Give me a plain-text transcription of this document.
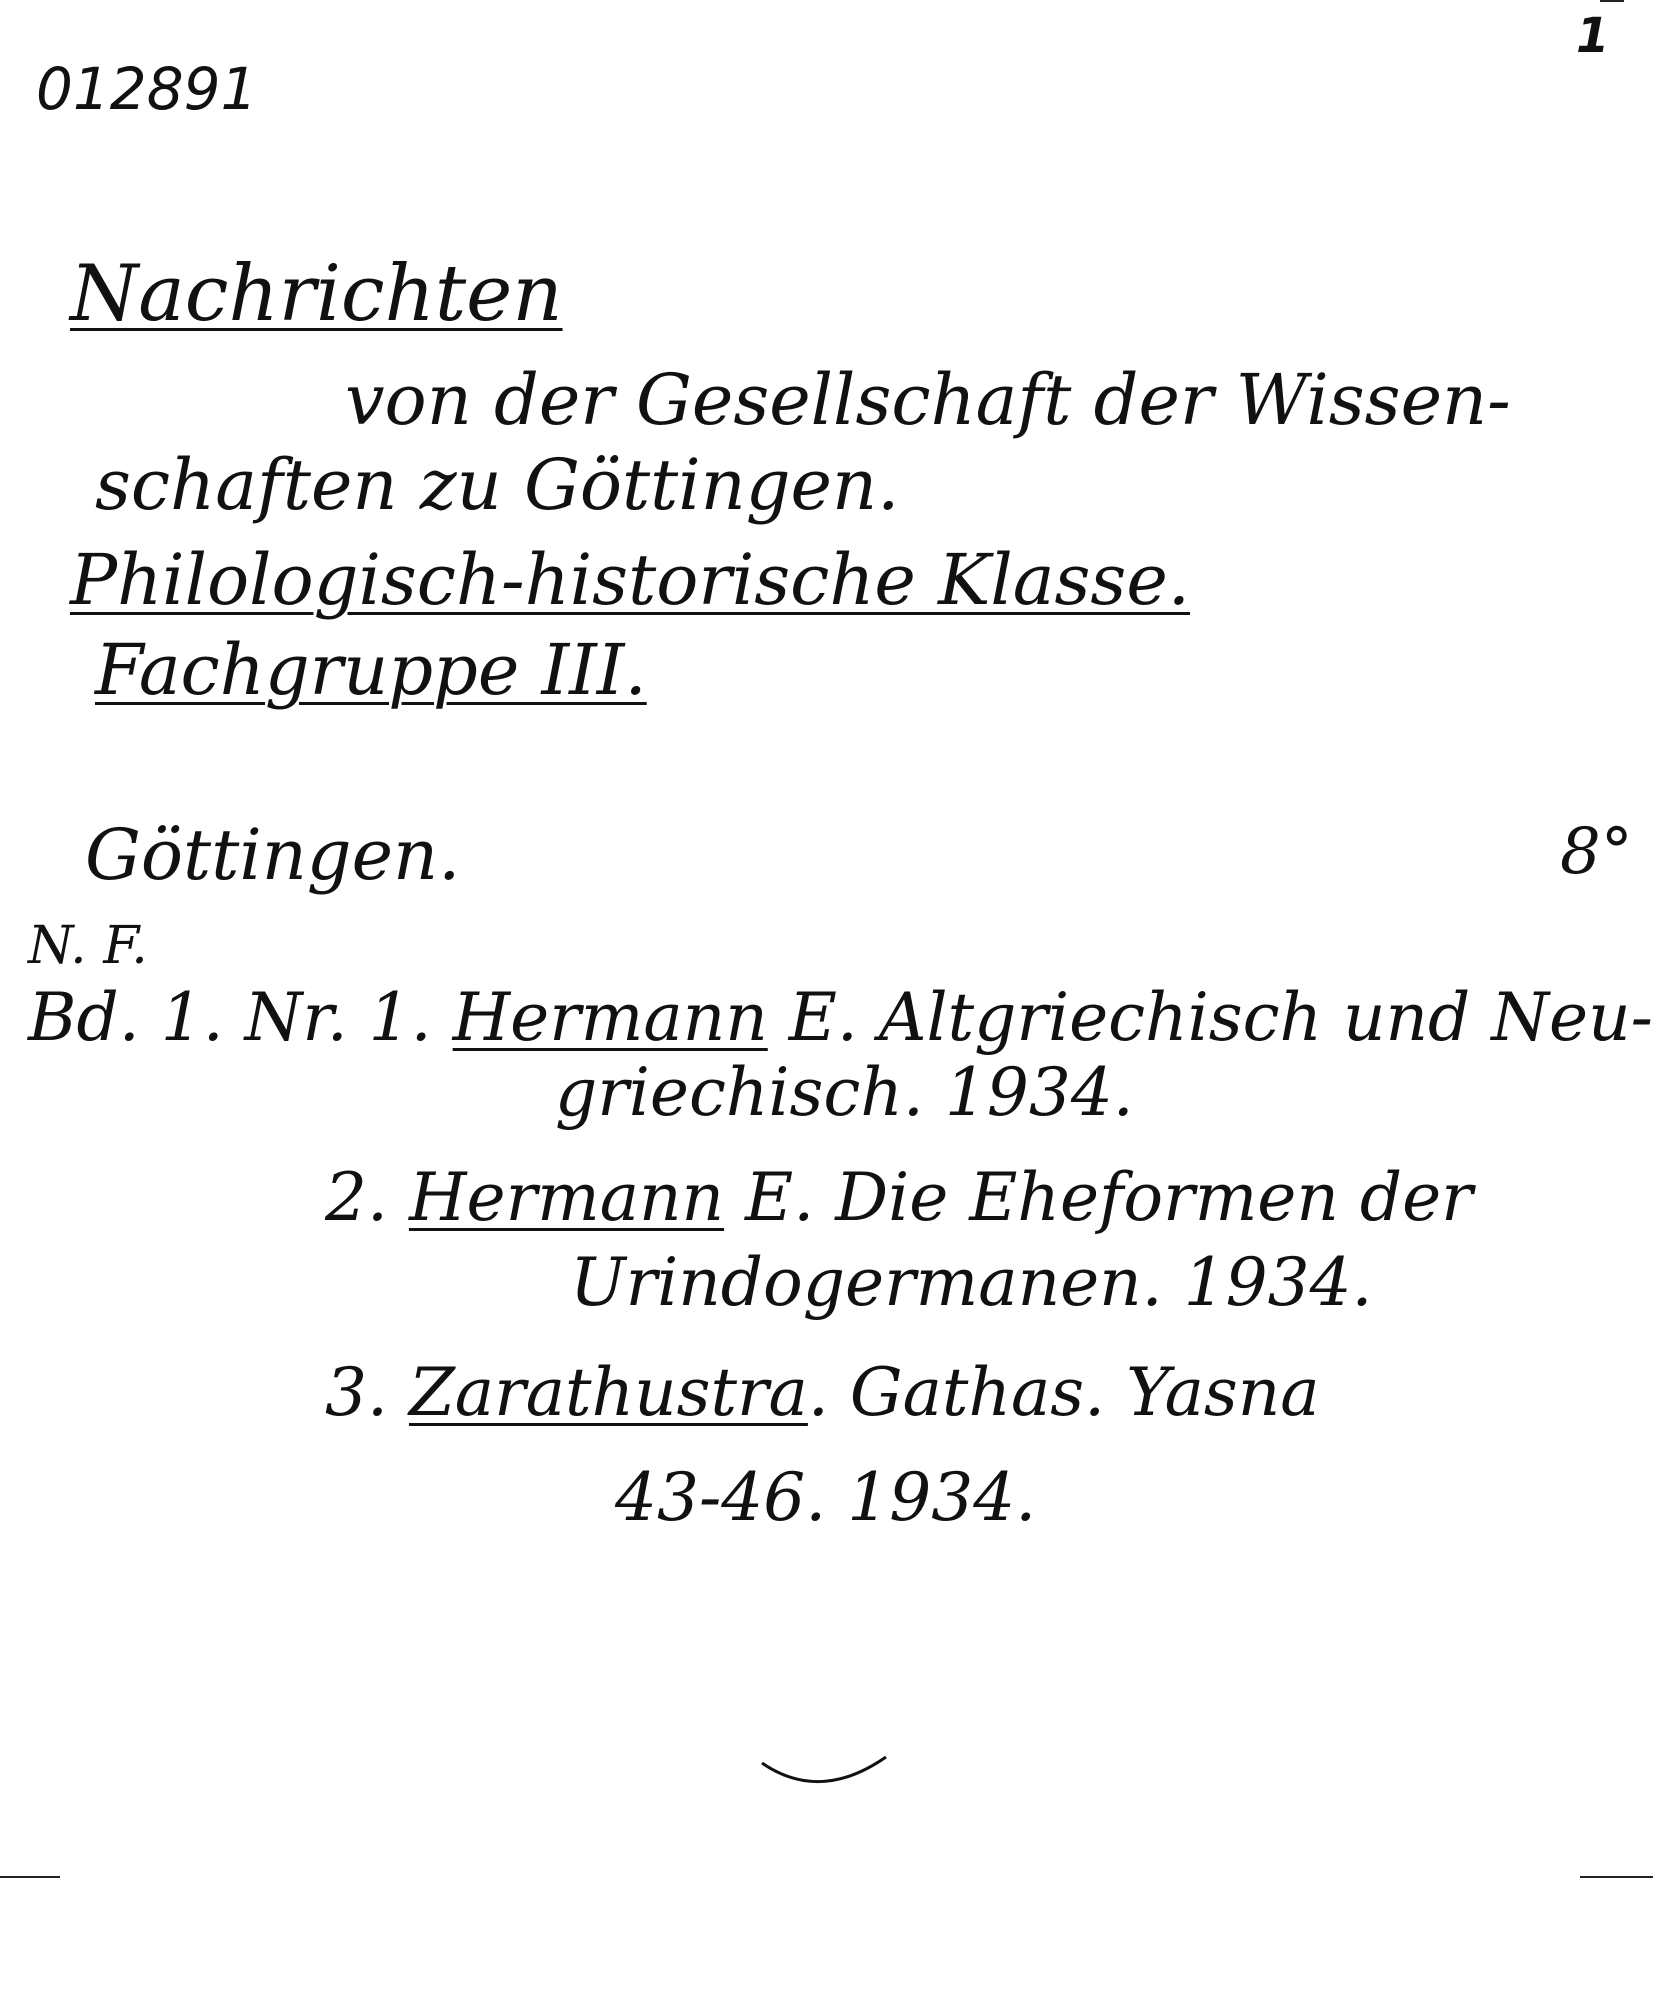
012891
1
Nachrichten
von der Gesellschaft der Wissen-
schaften zu Göttingen.
Philologisch-historische Klasse.
Fachgruppe III.
Göttingen.	8°
N. F.
Bd. 1. Nr. 1. Hermann E. Altgriechisch und Neu-
griechisch. 1934.
2. Hermann E. Die Eheformen der
Urindogermanen. 1934.
3. Zarathustra. Gathas. Yasna
43-46. 1934.
